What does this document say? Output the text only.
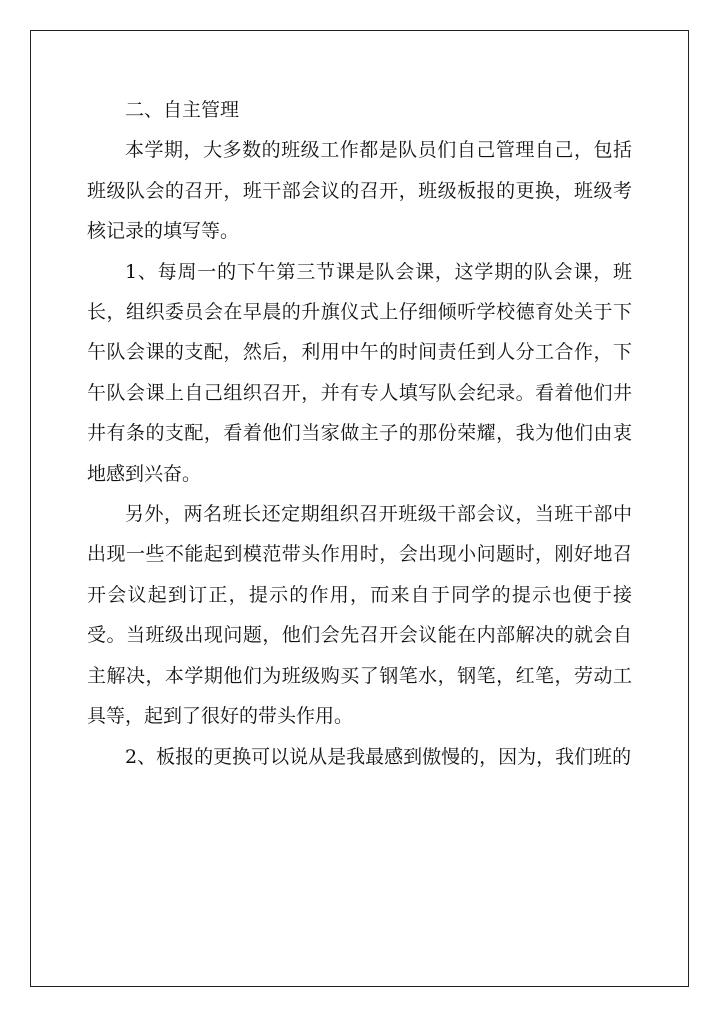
二、自主管理

本学期，大多数的班级工作都是队员们自己管理自己，包括班级队会的召开，班干部会议的召开，班级板报的更换，班级考核记录的填写等。

1、每周一的下午第三节课是队会课，这学期的队会课，班长，组织委员会在早晨的升旗仪式上仔细倾听学校德育处关于下午队会课的支配，然后，利用中午的时间责任到人分工合作，下午队会课上自己组织召开，并有专人填写队会纪录。看着他们井井有条的支配，看着他们当家做主子的那份荣耀，我为他们由衷地感到兴奋。

另外，两名班长还定期组织召开班级干部会议，当班干部中出现一些不能起到模范带头作用时，会出现小问题时，刚好地召开会议起到订正，提示的作用，而来自于同学的提示也便于接受。当班级出现问题，他们会先召开会议能在内部解决的就会自主解决，本学期他们为班级购买了钢笔水，钢笔，红笔，劳动工具等，起到了很好的带头作用。

2、板报的更换可以说从是我最感到傲慢的，因为，我们班的
